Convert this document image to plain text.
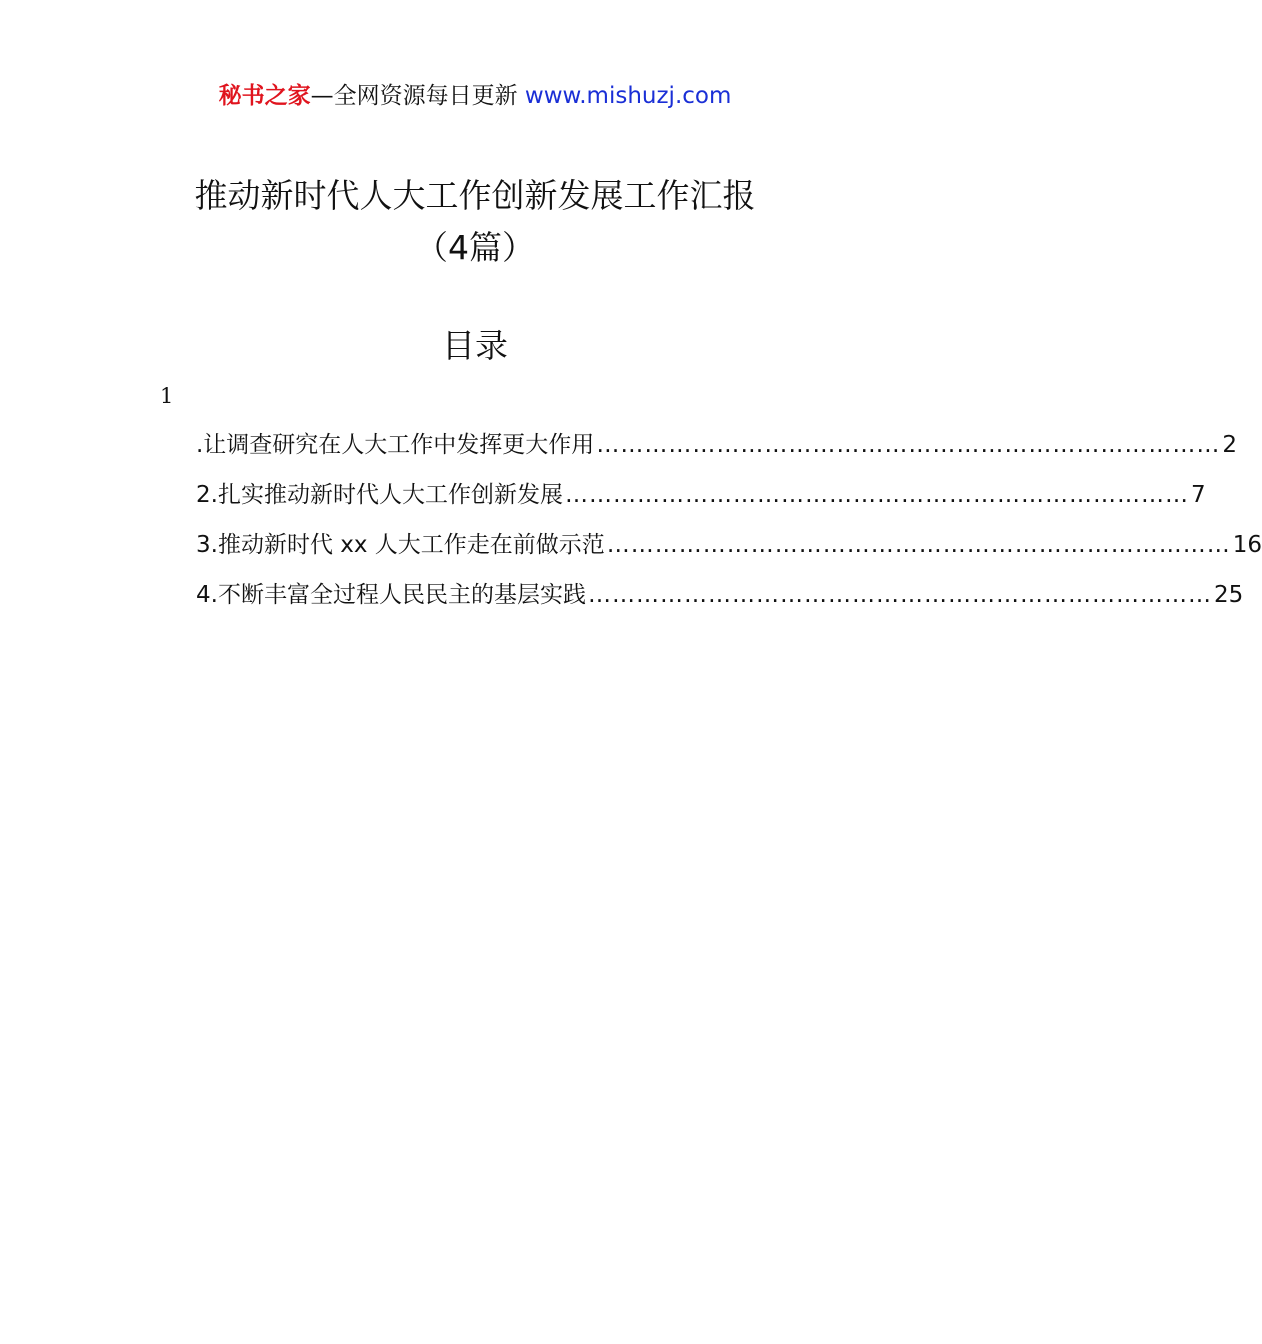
秘书之家—全网资源每日更新 www.mishuzj.com
推动新时代人大工作创新发展工作汇报
（4篇）
目录
1
.让调查研究在人大工作中发挥更大作用 …………………………………………………………………… 2
2.扎实推动新时代人大工作创新发展 …………………………………………………………………… 7
3.推动新时代 xx 人大工作走在前做示范 …………………………………………………………………… 16
4.不断丰富全过程人民民主的基层实践 …………………………………………………………………… 25
